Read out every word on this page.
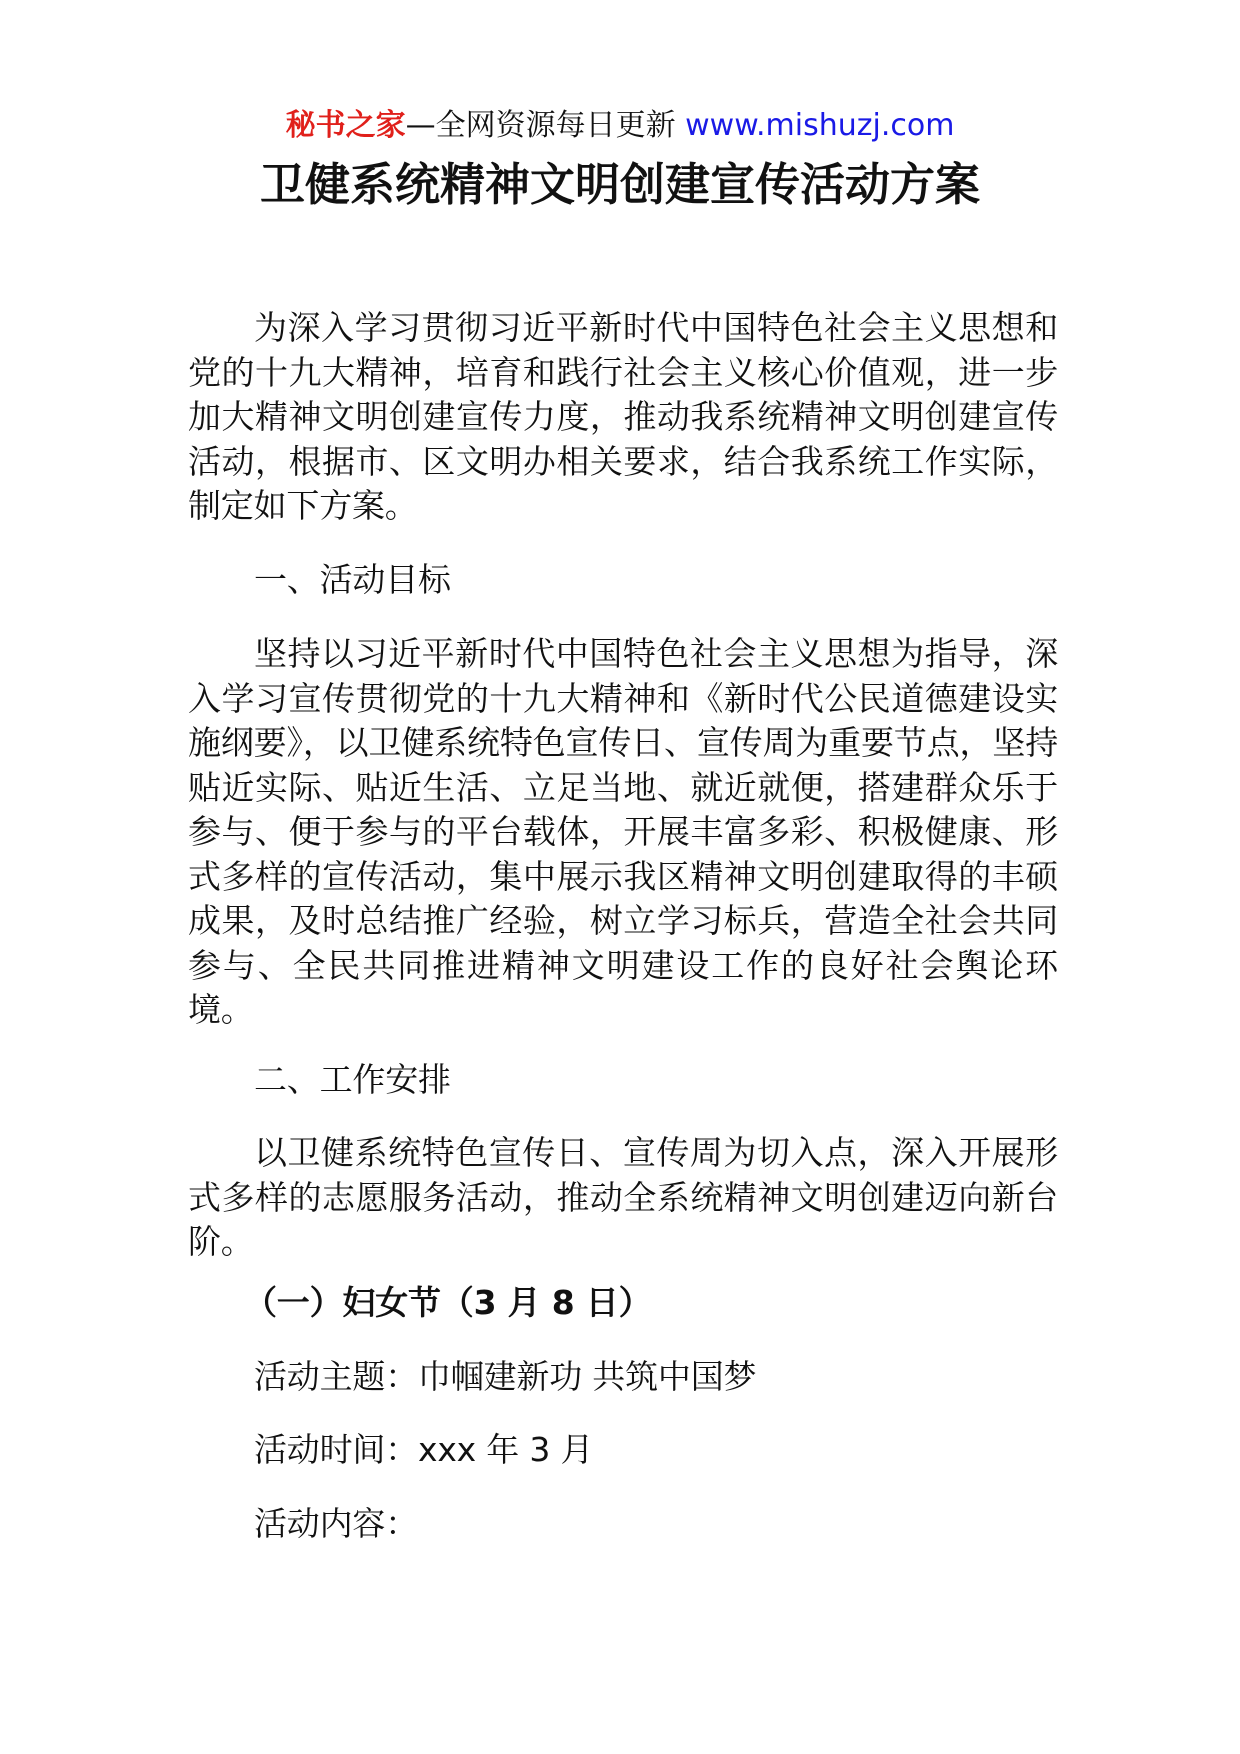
秘书之家—全网资源每日更新 www.mishuzj.com
卫健系统精神文明创建宣传活动方案

为深入学习贯彻习近平新时代中国特色社会主义思想和党的十九大精神，培育和践行社会主义核心价值观，进一步加大精神文明创建宣传力度，推动我系统精神文明创建宣传活动，根据市、区文明办相关要求，结合我系统工作实际，制定如下方案。

一、活动目标

坚持以习近平新时代中国特色社会主义思想为指导，深入学习宣传贯彻党的十九大精神和《新时代公民道德建设实施纲要》，以卫健系统特色宣传日、宣传周为重要节点，坚持贴近实际、贴近生活、立足当地、就近就便，搭建群众乐于参与、便于参与的平台载体，开展丰富多彩、积极健康、形式多样的宣传活动，集中展示我区精神文明创建取得的丰硕成果，及时总结推广经验，树立学习标兵，营造全社会共同参与、全民共同推进精神文明建设工作的良好社会舆论环境。

二、工作安排

以卫健系统特色宣传日、宣传周为切入点，深入开展形式多样的志愿服务活动，推动全系统精神文明创建迈向新台阶。

（一）妇女节（3 月 8 日）

活动主题：巾帼建新功 共筑中国梦

活动时间：xxx 年 3 月

活动内容：
